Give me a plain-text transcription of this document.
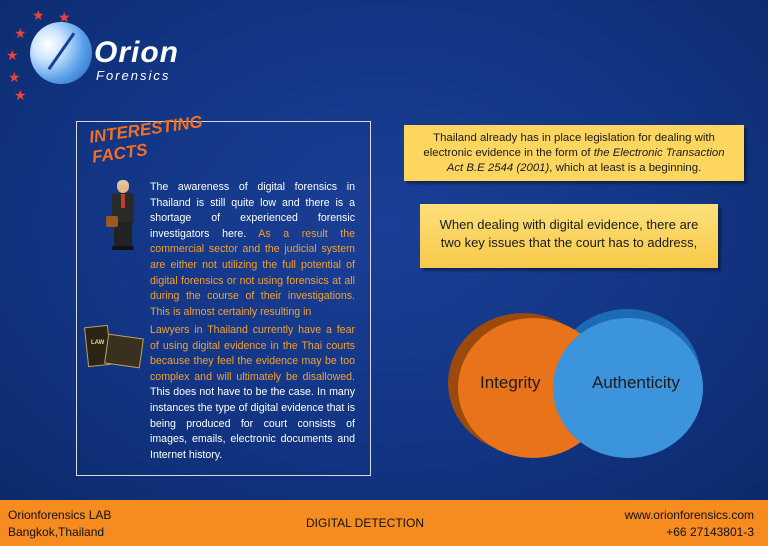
★ ★
★
★
★
★
Orion
Forensics
INTERESTING
FACTS
The awareness of digital forensics in Thailand is still quite low and there is a shortage of experienced forensic investigators here. As a result the commercial sector and the judicial system are either not utilizing the full potential of digital forensics or not using forensics at all during the course of their investigations. This is almost certainly resulting in
LAW
Lawyers in Thailand currently have a fear of using digital evidence in the Thai courts because they feel the evidence may be too complex and will ultimately be disallowed. This does not have to be the case. In many instances the type of digital evidence that is being produced for court consists of images, emails, electronic documents and Internet history.
Thailand already has in place legislation for dealing with electronic evidence in the form of the Electronic Transaction Act B.E 2544 (2001), which at least is a beginning.
When dealing with digital evidence, there are two key issues that the court has to address,
Integrity	Authenticity
Orionforensics LAB
Bangkok,Thailand
DIGITAL DETECTION
www.orionforensics.com
+66 27143801-3
